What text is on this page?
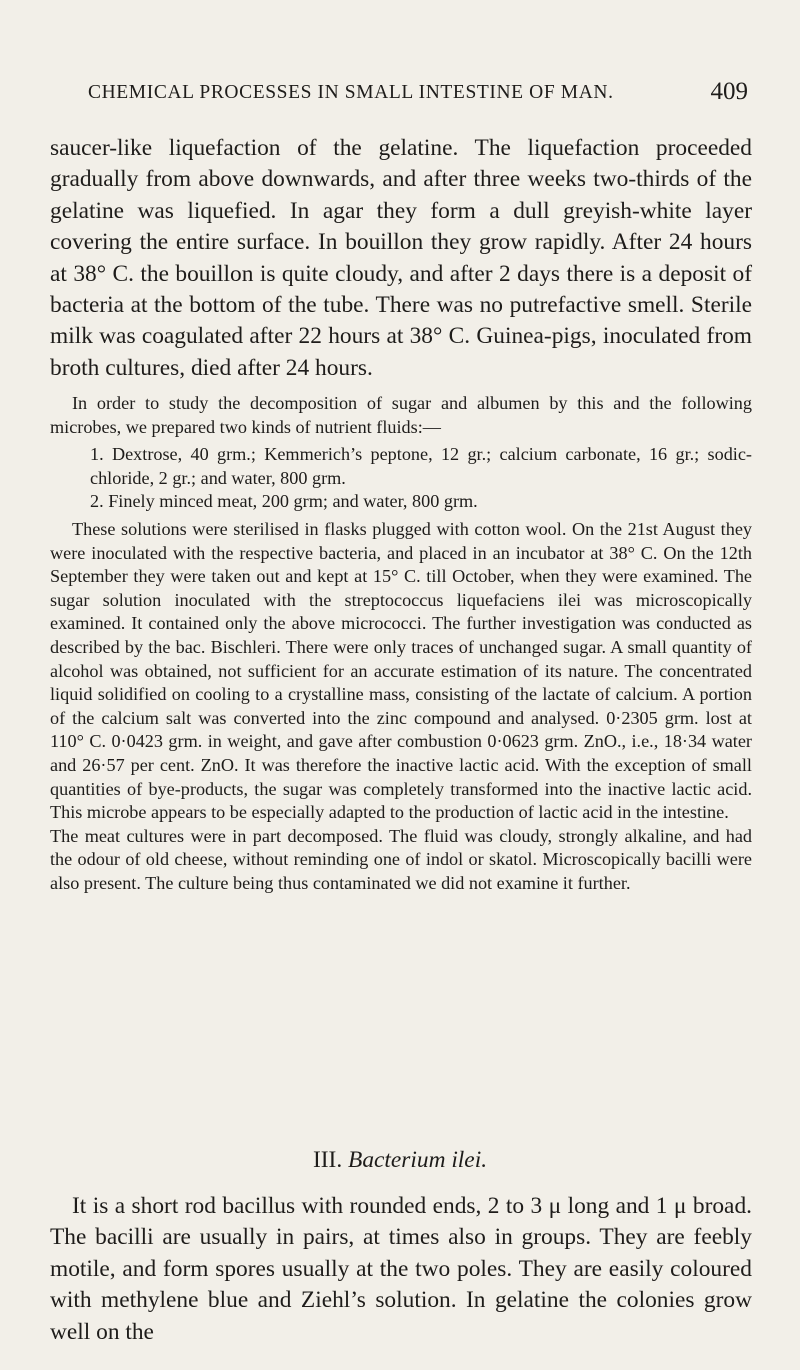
CHEMICAL PROCESSES IN SMALL INTESTINE OF MAN.	409

saucer-like liquefaction of the gelatine. The liquefaction proceeded gradually from above downwards, and after three weeks two-thirds of the gelatine was liquefied. In agar they form a dull greyish-white layer covering the entire surface. In bouillon they grow rapidly. After 24 hours at 38° C. the bouillon is quite cloudy, and after 2 days there is a deposit of bacteria at the bottom of the tube. There was no putrefactive smell. Sterile milk was coagulated after 22 hours at 38° C. Guinea-pigs, inoculated from broth cultures, died after 24 hours.

In order to study the decomposition of sugar and albumen by this and the following microbes, we prepared two kinds of nutrient fluids:—

1. Dextrose, 40 grm.; Kemmerich’s peptone, 12 gr.; calcium carbonate, 16 gr.; sodic-chloride, 2 gr.; and water, 800 grm.

2. Finely minced meat, 200 grm; and water, 800 grm.

These solutions were sterilised in flasks plugged with cotton wool. On the 21st August they were inoculated with the respective bacteria, and placed in an incubator at 38° C. On the 12th September they were taken out and kept at 15° C. till October, when they were examined. The sugar solution inoculated with the streptococcus liquefaciens ilei was microscopically examined. It contained only the above micrococci. The further investigation was conducted as described by the bac. Bischleri. There were only traces of unchanged sugar. A small quantity of alcohol was obtained, not sufficient for an accurate estimation of its nature. The concentrated liquid solidified on cooling to a crystalline mass, consisting of the lactate of calcium. A portion of the calcium salt was converted into the zinc compound and analysed. 0·2305 grm. lost at 110° C. 0·0423 grm. in weight, and gave after combustion 0·0623 grm. ZnO., i.e., 18·34 water and 26·57 per cent. ZnO. It was therefore the inactive lactic acid. With the exception of small quantities of bye-products, the sugar was completely transformed into the inactive lactic acid. This microbe appears to be especially adapted to the production of lactic acid in the intestine.

The meat cultures were in part decomposed. The fluid was cloudy, strongly alkaline, and had the odour of old cheese, without reminding one of indol or skatol. Microscopically bacilli were also present. The culture being thus contaminated we did not examine it further.

III. Bacterium ilei.

It is a short rod bacillus with rounded ends, 2 to 3 μ long and 1 μ broad. The bacilli are usually in pairs, at times also in groups. They are feebly motile, and form spores usually at the two poles. They are easily coloured with methylene blue and Ziehl’s solution. In gelatine the colonies grow well on the
